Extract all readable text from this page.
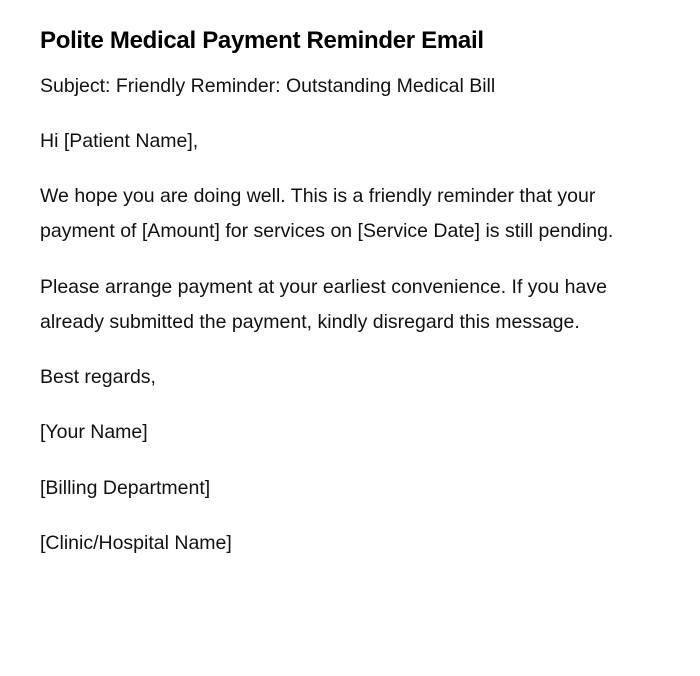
Polite Medical Payment Reminder Email

Subject: Friendly Reminder: Outstanding Medical Bill

Hi [Patient Name],

We hope you are doing well. This is a friendly reminder that your payment of [Amount] for services on [Service Date] is still pending.

Please arrange payment at your earliest convenience. If you have already submitted the payment, kindly disregard this message.

Best regards,

[Your Name]

[Billing Department]

[Clinic/Hospital Name]
